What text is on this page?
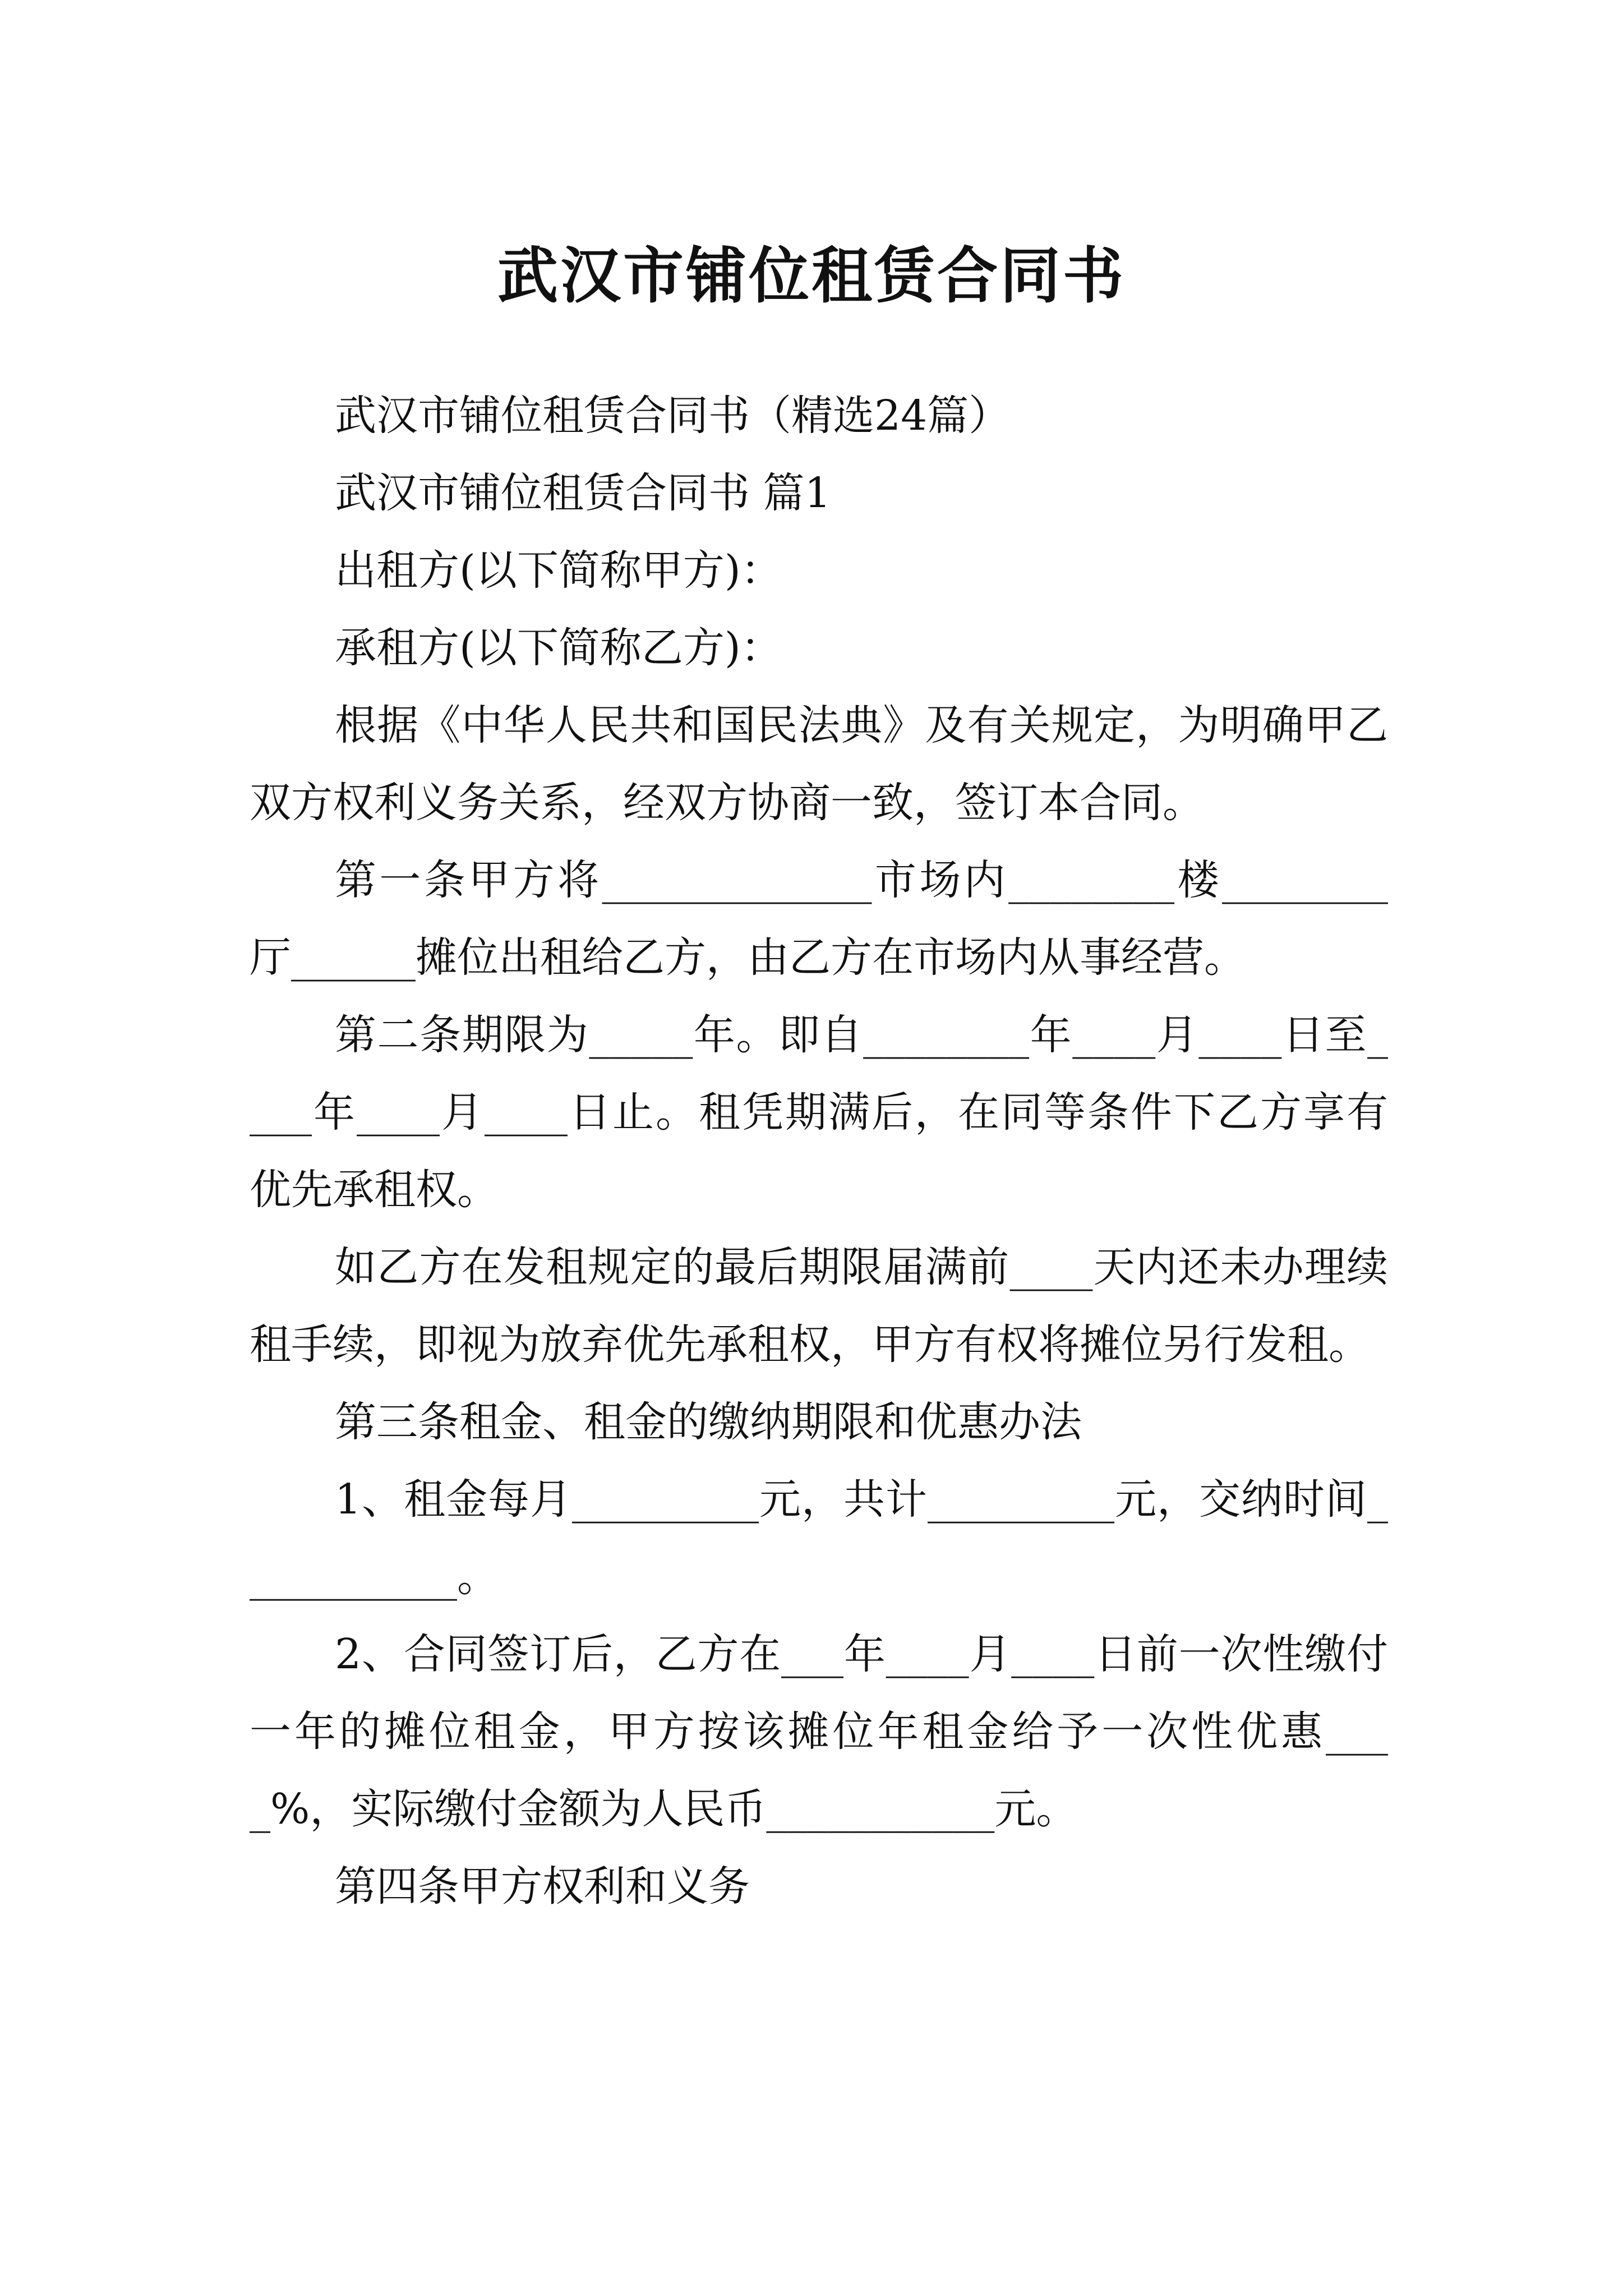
武汉市铺位租赁合同书

武汉市铺位租赁合同书（精选24篇）

武汉市铺位租赁合同书 篇1

出租方(以下简称甲方)：

承租方(以下简称乙方)：

根据《中华人民共和国民法典》及有关规定，为明确甲乙双方权利义务关系，经双方协商一致，签订本合同。

第一条甲方将_____________市场内________楼________厅______摊位出租给乙方，由乙方在市场内从事经营。

第二条期限为_____年。即自________年____月____日至____年____月____日止。租凭期满后，在同等条件下乙方享有优先承租权。

如乙方在发租规定的最后期限届满前____天内还未办理续租手续，即视为放弃优先承租权，甲方有权将摊位另行发租。

第三条租金、租金的缴纳期限和优惠办法

1、租金每月_________元，共计_________元，交纳时间___________。

2、合同签订后，乙方在___年____月____日前一次性缴付一年的摊位租金，甲方按该摊位年租金给予一次性优惠____%，实际缴付金额为人民币___________元。

第四条甲方权利和义务
